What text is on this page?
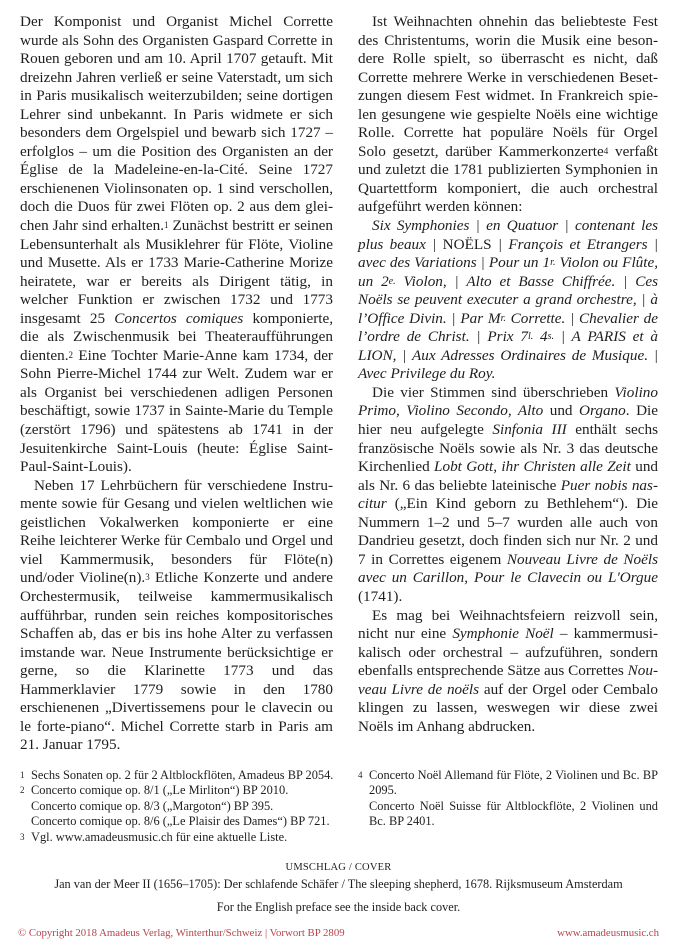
Der Komponist und Organist Michel Corrette wurde als Sohn des Organisten Gaspard Corrette in Rouen geboren und am 10. April 1707 getauft. Mit dreizehn Jahren verließ er seine Vaterstadt, um sich in Paris musikalisch weiterzubilden; seine dortigen Lehrer sind unbekannt. In Paris widmete er sich besonders dem Orgelspiel und bewarb sich 1727 – erfolglos – um die Position des Organisten an der Église de la Madeleine-en-la-Cité. Seine 1727 erschienenen Violinsonaten op. 1 sind verschollen, doch die Duos für zwei Flöten op. 2 aus dem gleichen Jahr sind erhalten.$^1$ Zunächst bestritt er seinen Lebensunterhalt als Musiklehrer für Flöte, Violine und Musette. Als er 1733 Marie-Catherine Morize heiratete, war er bereits als Dirigent tätig, in welcher Funktion er zwischen 1732 und 1773 insgesamt 25 Concertos comiques komponierte, die als Zwischenmusik bei Theateraufführungen dienten.$^2$ Eine Tochter Marie-Anne kam 1734, der Sohn Pierre-Michel 1744 zur Welt. Zudem war er als Organist bei verschiedenen adligen Personen beschäftigt, sowie 1737 in Sainte-Marie du Temple (zerstört 1796) und spätestens ab 1741 in der Jesuitenkirche Saint-Louis (heute: Église Saint-Paul-Saint-Louis).

Neben 17 Lehrbüchern für verschiedene Instrumente sowie für Gesang und vielen weltlichen wie geistlichen Vokalwerken komponierte er eine Reihe leichterer Werke für Cembalo und Orgel und viel Kammermusik, besonders für Flöte(n) und/oder Violine(n).$^3$ Etliche Konzerte und andere Orchestermusik, teilweise kammermusikalisch aufführbar, runden sein reiches kompositorisches Schaffen ab, das er bis ins hohe Alter zu verfassen imstande war. Neue Instrumente berücksichtige er gerne, so die Klarinette 1773 und das Hammerklavier 1779 sowie in den 1780 erschienenen „Divertissemens pour le clavecin ou le forte-piano“. Michel Corrette starb in Paris am 21. Januar 1795.

Ist Weihnachten ohnehin das beliebteste Fest des Christentums, worin die Musik eine besondere Rolle spielt, so überrascht es nicht, daß Corrette mehrere Werke in verschiedenen Besetzungen diesem Fest widmet. In Frankreich spielen gesungene wie gespielte Noëls eine wichtige Rolle. Corrette hat populäre Noëls für Orgel Solo gesetzt, darüber Kammerkonzerte$^4$ verfaßt und zuletzt die 1781 publizierten Symphonien in Quartettform komponiert, die auch orchestral aufgeführt werden können:

Six Symphonies | en Quatuor | contenant les plus beaux | NOËLS | François et Etrangers | avec des Variations | Pour un $1^{r.}$ Violon ou Flûte, un $2^{e.}$ Violon, | Alto et Basse Chiffrée. | Ces Noëls se peuvent executer a grand orchestre, | à l’Office Divin. | Par $M^{r.}$ Corrette. | Chevalier de l’ordre de Christ. | Prix $7^{l.}$ $4^{s.}$ | A PARIS et à LION, | Aux Adresses Ordinaires de Musique. | Avec Privilege du Roy.

Die vier Stimmen sind überschrieben Violino Primo, Violino Secondo, Alto und Organo. Die hier neu aufgelegte Sinfonia III enthält sechs französische Noëls sowie als Nr. 3 das deutsche Kirchenlied Lobt Gott, ihr Christen alle Zeit und als Nr. 6 das beliebte lateinische Puer nobis nascitur („Ein Kind geborn zu Bethlehem“). Die Nummern 1–2 und 5–7 wurden alle auch von Dandrieu gesetzt, doch finden sich nur Nr. 2 und 7 in Correttes eigenem Nouveau Livre de Noëls avec un Carillon, Pour le Clavecin ou L'Orgue (1741).

Es mag bei Weihnachtsfeiern reizvoll sein, nicht nur eine Symphonie Noël – kammermusikalisch oder orchestral – aufzuführen, sondern ebenfalls entsprechende Sätze aus Correttes Nouveau Livre de noëls auf der Orgel oder Cembalo klingen zu lassen, weswegen wir diese zwei Noëls im Anhang abdrucken.

1 Sechs Sonaten op. 2 für 2 Altblockflöten, Amadeus BP 2054.
2 Concerto comique op. 8/1 („Le Mirliton“) BP 2010.
Concerto comique op. 8/3 („Margoton“) BP 395.
Concerto comique op. 8/6 („Le Plaisir des Dames“) BP 721.
3 Vgl. www.amadeusmusic.ch für eine aktuelle Liste.
4 Concerto Noël Allemand für Flöte, 2 Violinen und Bc. BP 2095.
Concerto Noël Suisse für Altblockflöte, 2 Violinen und Bc. BP 2401.
UMSCHLAG / COVER
Jan van der Meer II (1656–1705): Der schlafende Schäfer / The sleeping shepherd, 1678. Rijksmuseum Amsterdam
For the English preface see the inside back cover.
© Copyright 2018 Amadeus Verlag, Winterthur/Schweiz | Vorwort BP 2809	www.amadeusmusic.ch
